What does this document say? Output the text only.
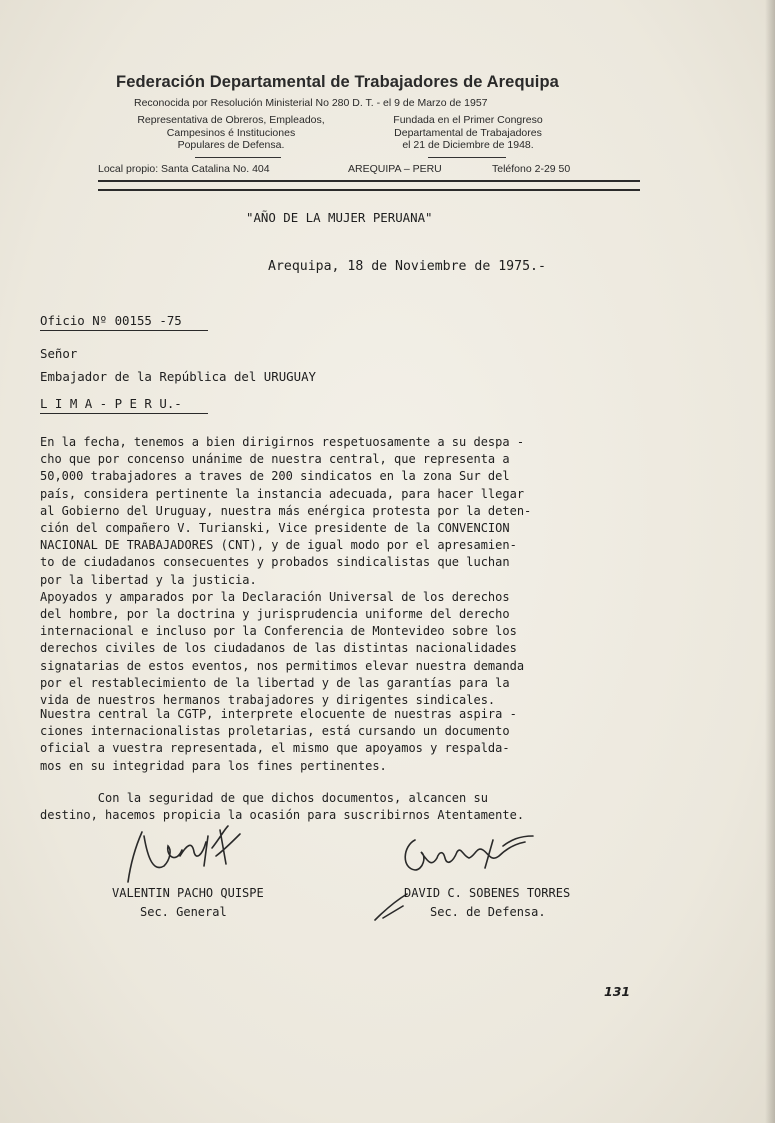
Federación Departamental de Trabajadores de Arequipa
Reconocida por Resolución Ministerial No 280 D. T. - el 9 de Marzo de 1957
Representativa de Obreros, Empleados,
Campesinos é Instituciones
Populares de Defensa.
Fundada en el Primer Congreso
Departamental de Trabajadores
el 21 de Diciembre de 1948.
Local propio: Santa Catalina No. 404	AREQUIPA – PERU	Teléfono 2-29 50
"AÑO DE LA MUJER PERUANA"
Arequipa, 18 de Noviembre de 1975.-
Oficio Nº 00155 -75
Señor
Embajador de la República del URUGUAY
L I M A - P E R U.-

En la fecha, tenemos a bien dirigirnos respetuosamente a su despa -

cho que por concenso unánime de nuestra central, que representa a

50,000 trabajadores a traves de 200 sindicatos en la zona Sur del

país, considera pertinente la instancia adecuada, para hacer llegar

al Gobierno del Uruguay, nuestra más enérgica protesta por la deten-

ción del compañero V. Turianski, Vice presidente de la CONVENCION

NACIONAL DE TRABAJADORES (CNT), y de igual modo por el apresamien-

to de ciudadanos consecuentes y probados sindicalistas que luchan

por la libertad y la justicia.

Apoyados y amparados por la Declaración Universal de los derechos

del hombre, por la doctrina y jurisprudencia uniforme del derecho

internacional e incluso por la Conferencia de Montevideo sobre los

derechos civiles de los ciudadanos de las distintas nacionalidades

signatarias de estos eventos, nos permitimos elevar nuestra demanda

por el restablecimiento de la libertad y de las garantías para la

vida de nuestros hermanos trabajadores y dirigentes sindicales.

Nuestra central la CGTP, interprete elocuente de nuestras aspira -

ciones internacionalistas proletarias, está cursando un documento

oficial a vuestra representada, el mismo que apoyamos y respalda-

mos en su integridad para los fines pertinentes.

Con la seguridad de que dichos documentos, alcancen su

destino, hacemos propicia la ocasión para suscribirnos Atentamente.

VALENTIN PACHO QUISPE
Sec. General
DAVID C. SOBENES TORRES
Sec. de Defensa.
131
